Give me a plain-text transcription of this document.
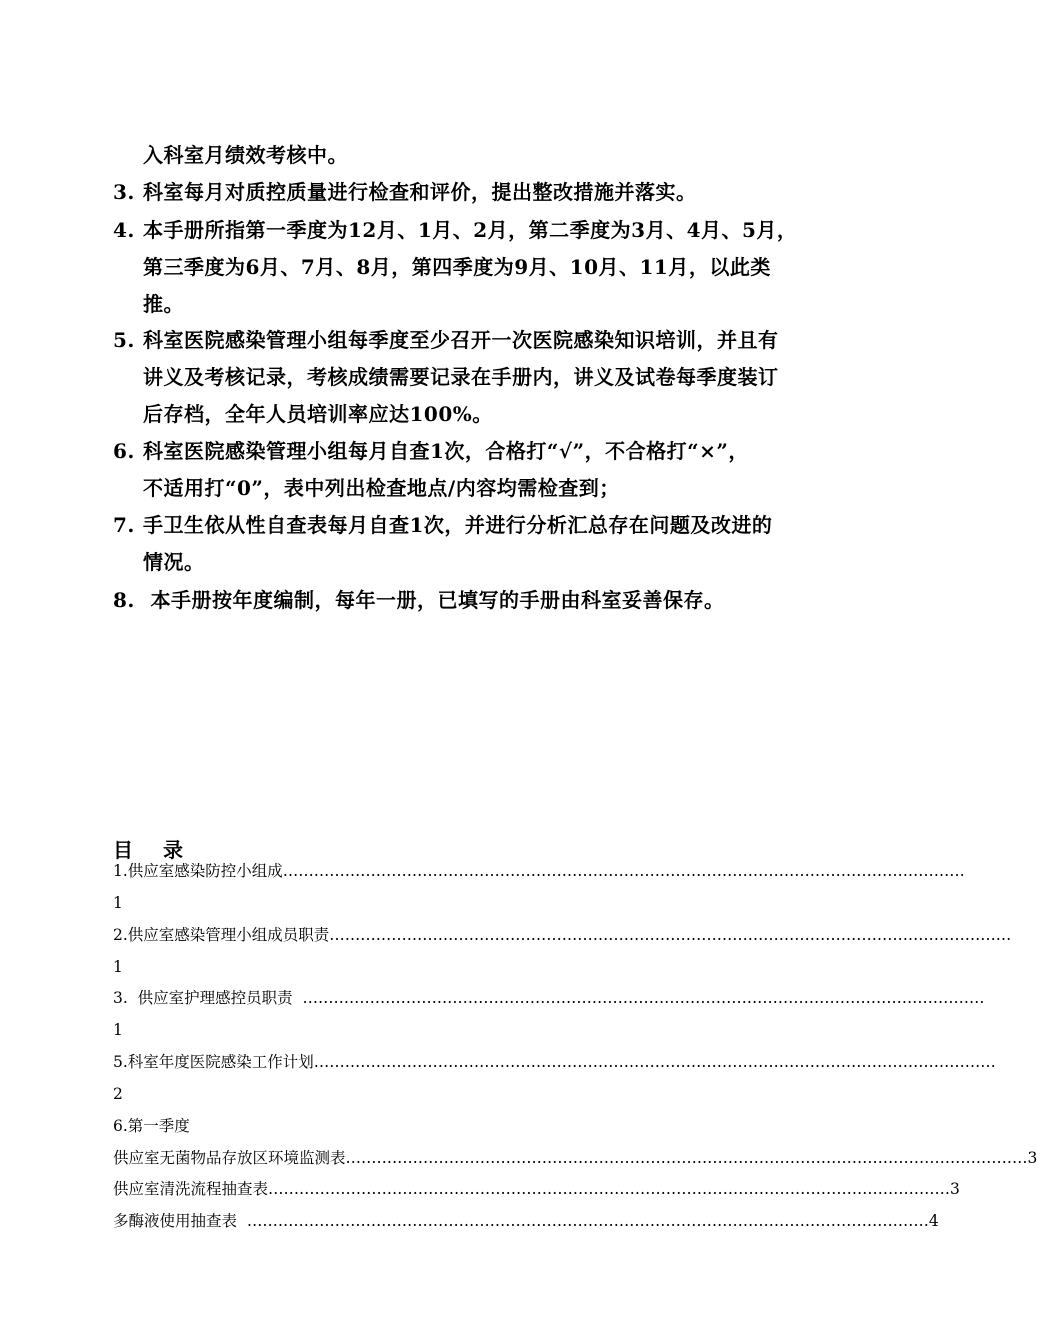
入科室月绩效考核中。
3. 科室每月对质控质量进行检查和评价，提出整改措施并落实。
4. 本手册所指第一季度为12月、1月、2月，第二季度为3月、4月、5月，
第三季度为6月、7月、8月，第四季度为9月、10月、11月，以此类
推。
5. 科室医院感染管理小组每季度至少召开一次医院感染知识培训，并且有
讲义及考核记录，考核成绩需要记录在手册内，讲义及试卷每季度装订
后存档，全年人员培训率应达100%。
6. 科室医院感染管理小组每月自查1次，合格打“√”，不合格打“×”，
不适用打“0”，表中列出检查地点/内容均需检查到；
7. 手卫生依从性自查表每月自查1次，并进行分析汇总存在问题及改进的
情况。
8. 本手册按年度编制，每年一册，已填写的手册由科室妥善保存。
目 录
1.供应室感染防控小组成 ……………………………………………………………………………………………………………………
1
2.供应室感染管理小组成员职责 ……………………………………………………………………………………………………………………
1
3.  供应室护理感控员职责 ……………………………………………………………………………………………………………………
1
5.科室年度医院感染工作计划 ……………………………………………………………………………………………………………………
2
6.第一季度
供应室无菌物品存放区环境监测表 …………………………………………………………………………………………………………………… 3
供应室清洗流程抽查表 …………………………………………………………………………………………………………………… 3
多酶液使用抽查表 …………………………………………………………………………………………………………………… 4
